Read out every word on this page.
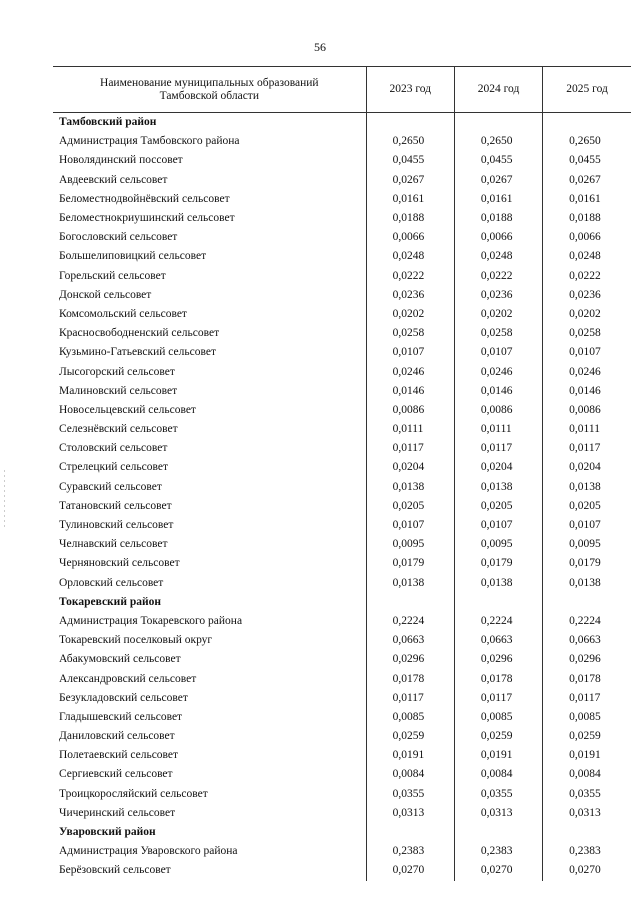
56
Наименование муниципальных образований
Тамбовской области	2023 год	2024 год	2025 год
Тамбовский район			
Администрация Тамбовского района	0,2650	0,2650	0,2650
Новолядинский поссовет	0,0455	0,0455	0,0455
Авдеевский сельсовет	0,0267	0,0267	0,0267
Беломестнодвойнёвский сельсовет	0,0161	0,0161	0,0161
Беломестнокриушинский сельсовет	0,0188	0,0188	0,0188
Богословский сельсовет	0,0066	0,0066	0,0066
Большелиповицкий сельсовет	0,0248	0,0248	0,0248
Горельский сельсовет	0,0222	0,0222	0,0222
Донской сельсовет	0,0236	0,0236	0,0236
Комсомольский сельсовет	0,0202	0,0202	0,0202
Красносвободненский сельсовет	0,0258	0,0258	0,0258
Кузьмино-Гатьевский сельсовет	0,0107	0,0107	0,0107
Лысогорский сельсовет	0,0246	0,0246	0,0246
Малиновский сельсовет	0,0146	0,0146	0,0146
Новосельцевский сельсовет	0,0086	0,0086	0,0086
Селезнёвский сельсовет	0,0111	0,0111	0,0111
Столовский сельсовет	0,0117	0,0117	0,0117
Стрелецкий сельсовет	0,0204	0,0204	0,0204
Суравский сельсовет	0,0138	0,0138	0,0138
Татановский сельсовет	0,0205	0,0205	0,0205
Тулиновский сельсовет	0,0107	0,0107	0,0107
Челнавский сельсовет	0,0095	0,0095	0,0095
Черняновский сельсовет	0,0179	0,0179	0,0179
Орловский сельсовет	0,0138	0,0138	0,0138
Токаревский район			
Администрация Токаревского района	0,2224	0,2224	0,2224
Токаревский поселковый округ	0,0663	0,0663	0,0663
Абакумовский сельсовет	0,0296	0,0296	0,0296
Александровский сельсовет	0,0178	0,0178	0,0178
Безукладовский сельсовет	0,0117	0,0117	0,0117
Гладышевский сельсовет	0,0085	0,0085	0,0085
Даниловский сельсовет	0,0259	0,0259	0,0259
Полетаевский сельсовет	0,0191	0,0191	0,0191
Сергиевский сельсовет	0,0084	0,0084	0,0084
Троицкоросляйский сельсовет	0,0355	0,0355	0,0355
Чичеринский сельсовет	0,0313	0,0313	0,0313
Уваровский район			
Администрация Уваровского района	0,2383	0,2383	0,2383
Берёзовский сельсовет	0,0270	0,0270	0,0270
